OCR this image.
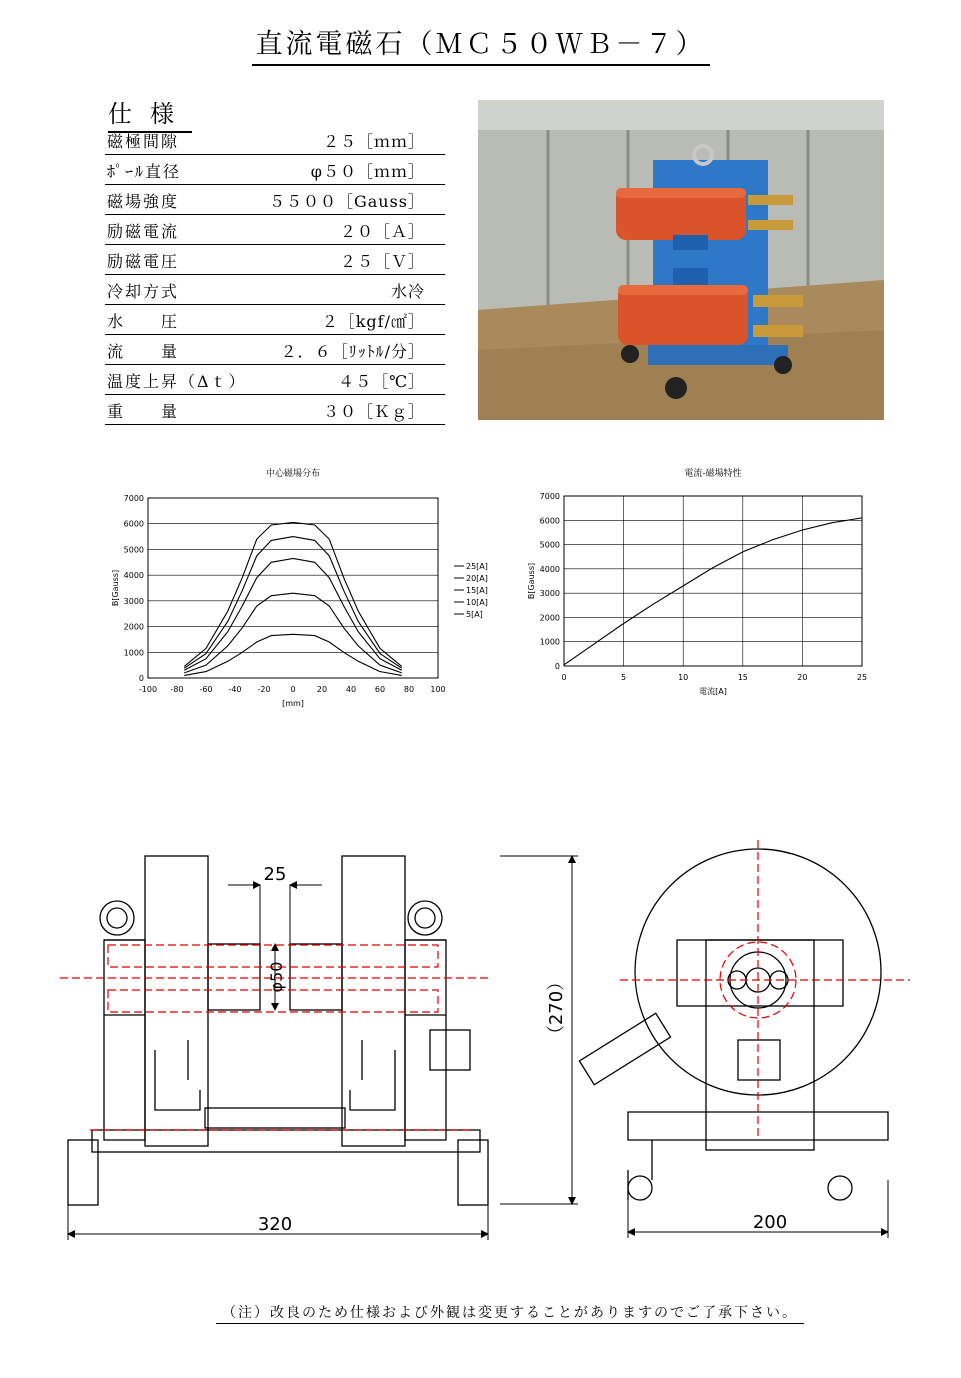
直流電磁石（ＭＣ５０ＷＢ－７）
仕様
磁極間隙	２５［ｍｍ］
ﾎﾟｰﾙ直径	φ５０［ｍｍ］
磁場強度	５５００［Gauss］
励磁電流	２０［Ａ］
励磁電圧	２５［Ｖ］
冷却方式	水冷
水　　圧	２［kgf/㎠］
流　　量	２．６［ﾘｯﾄﾙ/分］
温度上昇（Δｔ）	４５［℃］
重　　量	３０［Ｋｇ］
中心磁場分布
0
1000
2000
3000
4000
5000
6000
7000
-100 -80 -60 -40 -20 0	20 40 60 80 100
[mm]
B[Gauss]
25[A]
20[A]
15[A]
10[A]
5[A]
電流-磁場特性
0
1000
2000
3000
4000
5000
6000
7000
0	5	10	15	20	25
電流[A]
B[Gauss]
25
φ50	（270）
320	200
（注）改良のため仕様および外観は変更することがありますのでご了承下さい。
